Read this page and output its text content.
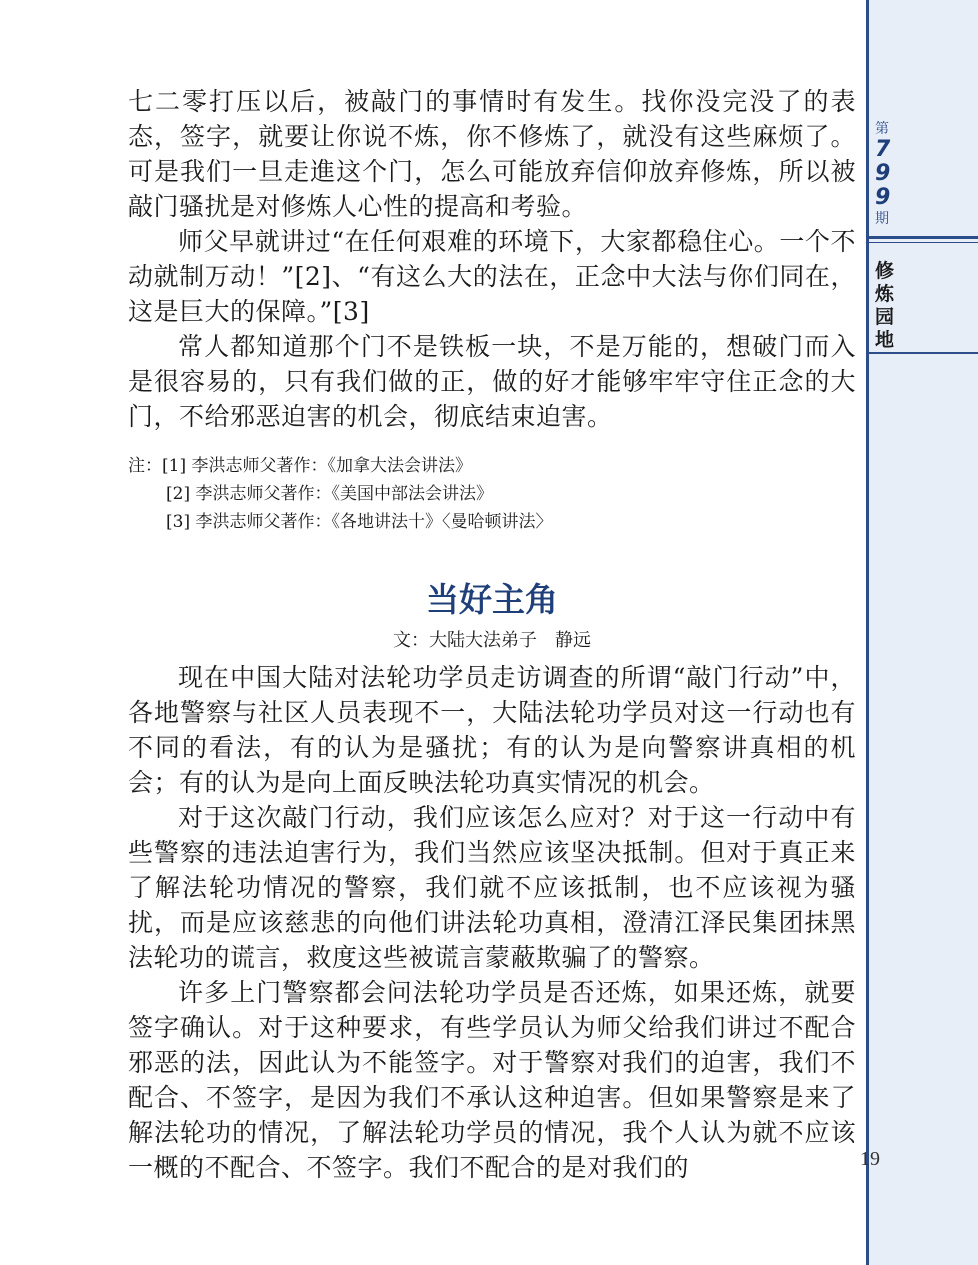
第
7
9
9
期
修
炼
园
地
19

七二零打压以后，被敲门的事情时有发生。找你没完没了的表态，签字，就要让你说不炼，你不修炼了，就没有这些麻烦了。可是我们一旦走進这个门，怎么可能放弃信仰放弃修炼，所以被敲门骚扰是对修炼人心性的提高和考验。

师父早就讲过“在任何艰难的环境下，大家都稳住心。一个不动就制万动！”[2]、“有这么大的法在，正念中大法与你们同在，这是巨大的保障。”[3]

常人都知道那个门不是铁板一块，不是万能的，想破门而入是很容易的，只有我们做的正，做的好才能够牢牢守住正念的大门，不给邪恶迫害的机会，彻底结束迫害。

注：[1] 李洪志师父著作：《加拿大法会讲法》

[2] 李洪志师父著作：《美国中部法会讲法》

[3] 李洪志师父著作：《各地讲法十》〈曼哈顿讲法〉

当好主角
文：大陆大法弟子　静远

现在中国大陆对法轮功学员走访调查的所谓“敲门行动”中，各地警察与社区人员表现不一，大陆法轮功学员对这一行动也有不同的看法，有的认为是骚扰；有的认为是向警察讲真相的机会；有的认为是向上面反映法轮功真实情况的机会。

对于这次敲门行动，我们应该怎么应对？对于这一行动中有些警察的违法迫害行为，我们当然应该坚决抵制。但对于真正来了解法轮功情况的警察，我们就不应该抵制，也不应该视为骚扰，而是应该慈悲的向他们讲法轮功真相，澄清江泽民集团抹黑法轮功的谎言，救度这些被谎言蒙蔽欺骗了的警察。

许多上门警察都会问法轮功学员是否还炼，如果还炼，就要签字确认。对于这种要求，有些学员认为师父给我们讲过不配合邪恶的法，因此认为不能签字。对于警察对我们的迫害，我们不配合、不签字，是因为我们不承认这种迫害。但如果警察是来了解法轮功的情况，了解法轮功学员的情况，我个人认为就不应该一概的不配合、不签字。我们不配合的是对我们的
